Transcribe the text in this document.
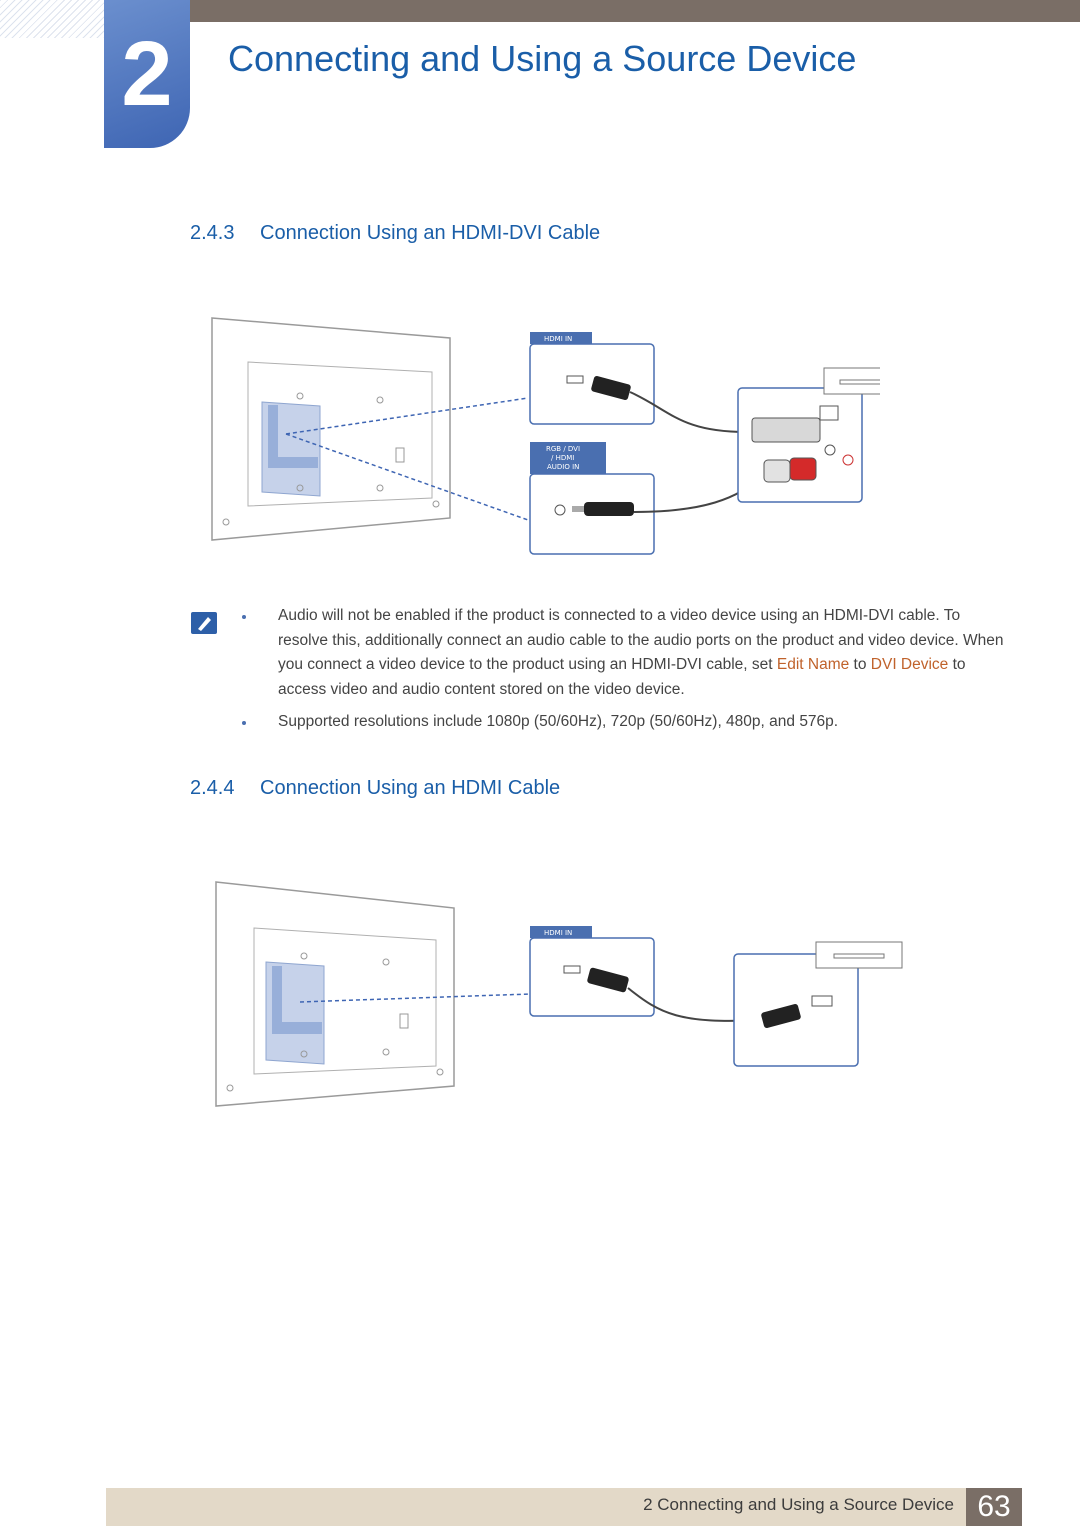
2	Connecting and Using a Source Device
2.4.3 Connection Using an HDMI-DVI Cable
HDMI IN
RGB / DVI
/ HDMI
AUDIO IN
Audio will not be enabled if the product is connected to a video device using an HDMI-DVI cable. To resolve this, additionally connect an audio cable to the audio ports on the product and video device. When you connect a video device to the product using an HDMI-DVI cable, set Edit Name to DVI Device to access video and audio content stored on the video device.
Supported resolutions include 1080p (50/60Hz), 720p (50/60Hz), 480p, and 576p.
2.4.4 Connection Using an HDMI Cable
HDMI IN
2 Connecting and Using a Source Device 63
